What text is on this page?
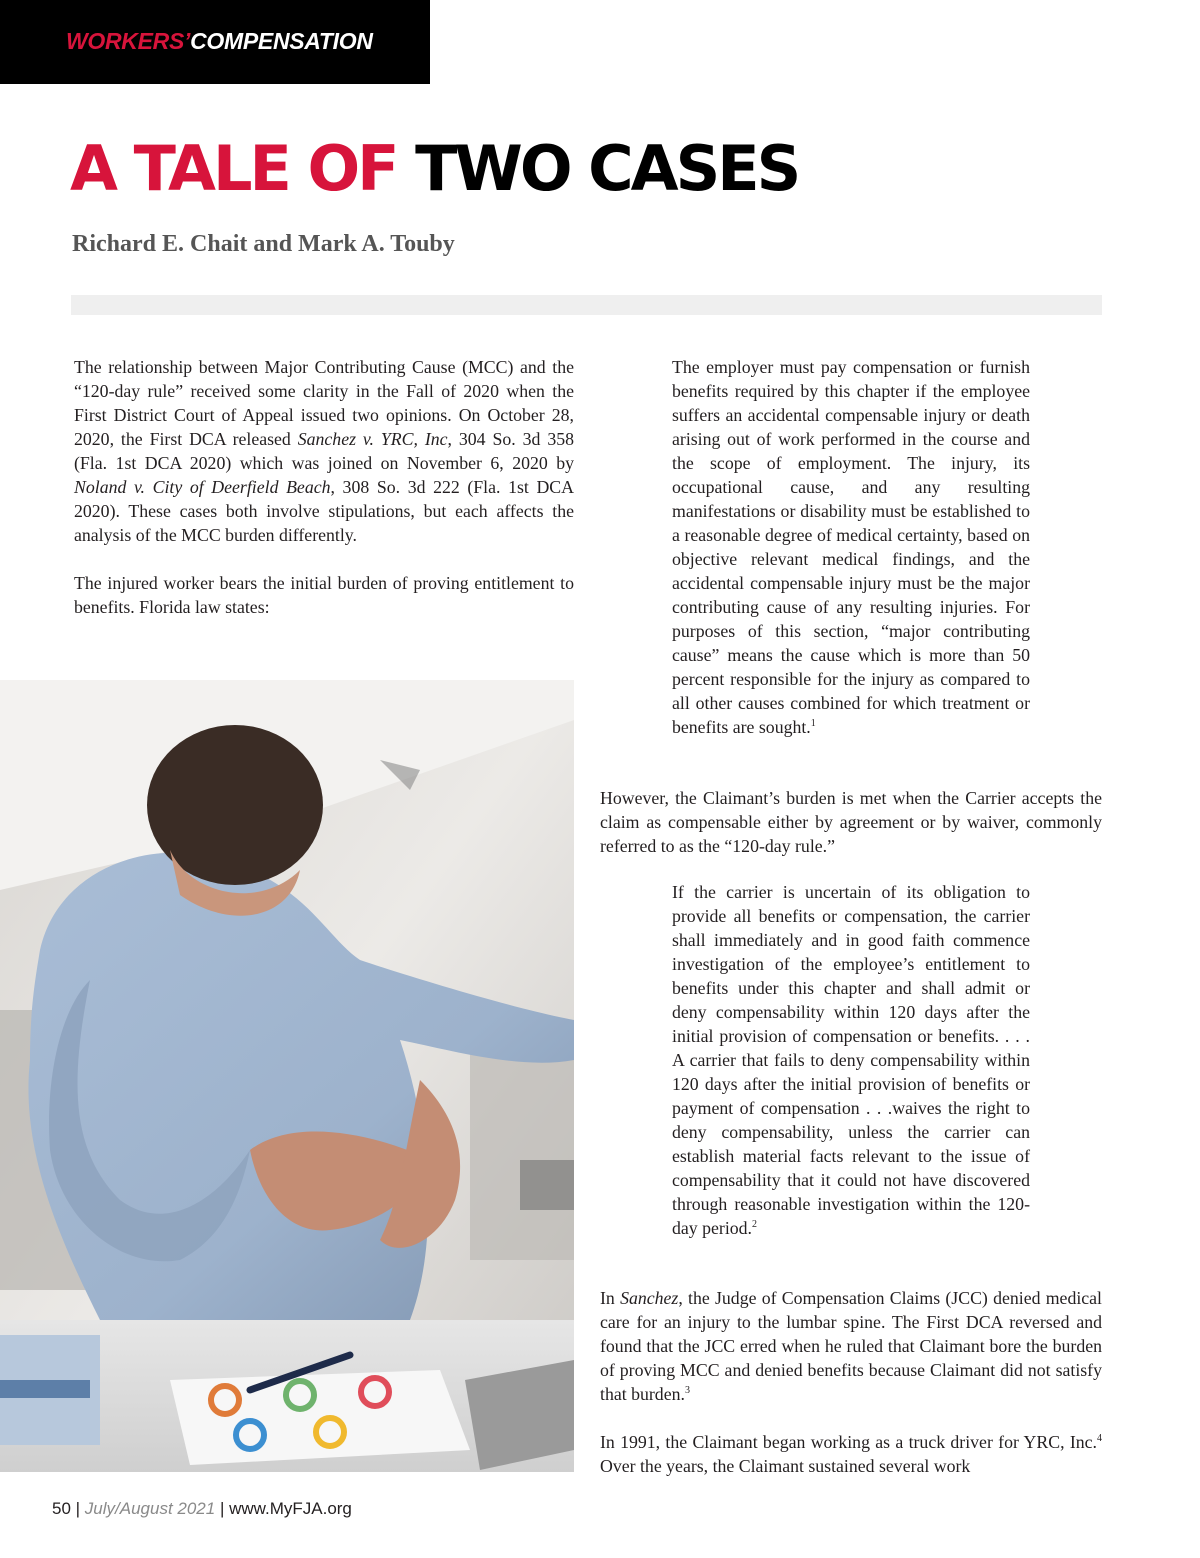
WORKERS’COMPENSATION
A TALE OF TWO CASES
Richard E. Chait and Mark A. Touby

The relationship between Major Contributing Cause (MCC) and the “120-day rule” received some clarity in the Fall of 2020 when the First District Court of Appeal issued two opinions. On October 28, 2020, the First DCA released Sanchez v. YRC, Inc, 304 So. 3d 358 (Fla. 1st DCA 2020) which was joined on November 6, 2020 by Noland v. City of Deerfield Beach, 308 So. 3d 222 (Fla. 1st DCA 2020). These cases both involve stipulations, but each affects the analysis of the MCC burden differently.

The injured worker bears the initial burden of proving entitlement to benefits. Florida law states:

The employer must pay compensation or furnish benefits required by this chapter if the employee suffers an accidental compensable injury or death arising out of work performed in the course and the scope of employment. The injury, its occupational cause, and any resulting manifestations or disability must be established to a reasonable degree of medical certainty, based on objective relevant medical findings, and the accidental compensable injury must be the major contributing cause of any resulting injuries. For purposes of this section, “major contributing cause” means the cause which is more than 50 percent responsible for the injury as compared to all other causes combined for which treatment or benefits are sought.$^1$

However, the Claimant’s burden is met when the Carrier accepts the claim as compensable either by agreement or by waiver, commonly referred to as the “120-day rule.”

If the carrier is uncertain of its obligation to provide all benefits or compensation, the carrier shall immediately and in good faith commence investigation of the employee’s entitlement to benefits under this chapter and shall admit or deny compensability within 120 days after the initial provision of compensation or benefits. . . . A carrier that fails to deny compensability within 120 days after the initial provision of benefits or payment of compensation . . .waives the right to deny compensability, unless the carrier can establish material facts relevant to the issue of compensability that it could not have discovered through reasonable investigation within the 120-day period.$^2$

In Sanchez, the Judge of Compensation Claims (JCC) denied medical care for an injury to the lumbar spine. The First DCA reversed and found that the JCC erred when he ruled that Claimant bore the burden of proving MCC and denied benefits because Claimant did not satisfy that burden.$^3$

In 1991, the Claimant began working as a truck driver for YRC, Inc.$^4$ Over the years, the Claimant sustained several work

50 | July/August 2021 | www.MyFJA.org
